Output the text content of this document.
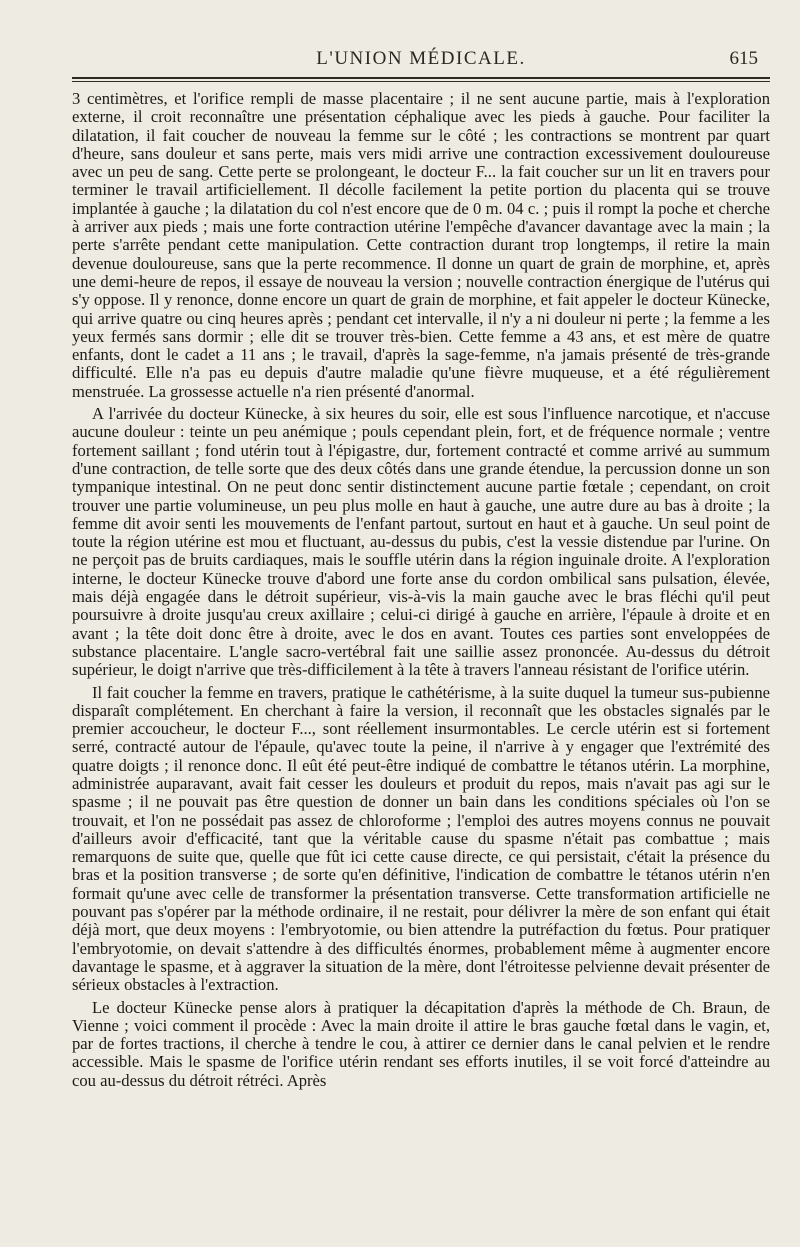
L'UNION MÉDICALE.	615

3 centimètres, et l'orifice rempli de masse placentaire ; il ne sent aucune partie, mais à l'exploration externe, il croit reconnaître une présentation céphalique avec les pieds à gauche. Pour faciliter la dilatation, il fait coucher de nouveau la femme sur le côté ; les contractions se montrent par quart d'heure, sans douleur et sans perte, mais vers midi arrive une contraction excessivement douloureuse avec un peu de sang. Cette perte se prolongeant, le docteur F... la fait coucher sur un lit en travers pour terminer le travail artificiellement. Il décolle facilement la petite portion du placenta qui se trouve implantée à gauche ; la dilatation du col n'est encore que de 0 m. 04 c. ; puis il rompt la poche et cherche à arriver aux pieds ; mais une forte contraction utérine l'empêche d'avancer davantage avec la main ; la perte s'arrête pendant cette manipulation. Cette contraction durant trop longtemps, il retire la main devenue douloureuse, sans que la perte recommence. Il donne un quart de grain de morphine, et, après une demi-heure de repos, il essaye de nouveau la version ; nouvelle contraction énergique de l'utérus qui s'y oppose. Il y renonce, donne encore un quart de grain de morphine, et fait appeler le docteur Künecke, qui arrive quatre ou cinq heures après ; pendant cet intervalle, il n'y a ni douleur ni perte ; la femme a les yeux fermés sans dormir ; elle dit se trouver très-bien. Cette femme a 43 ans, et est mère de quatre enfants, dont le cadet a 11 ans ; le travail, d'après la sage-femme, n'a jamais présenté de très-grande difficulté. Elle n'a pas eu depuis d'autre maladie qu'une fièvre muqueuse, et a été régulièrement menstruée. La grossesse actuelle n'a rien présenté d'anormal.

A l'arrivée du docteur Künecke, à six heures du soir, elle est sous l'influence narcotique, et n'accuse aucune douleur : teinte un peu anémique ; pouls cependant plein, fort, et de fréquence normale ; ventre fortement saillant ; fond utérin tout à l'épigastre, dur, fortement contracté et comme arrivé au summum d'une contraction, de telle sorte que des deux côtés dans une grande étendue, la percussion donne un son tympanique intestinal. On ne peut donc sentir distinctement aucune partie fœtale ; cependant, on croit trouver une partie volumineuse, un peu plus molle en haut à gauche, une autre dure au bas à droite ; la femme dit avoir senti les mouvements de l'enfant partout, surtout en haut et à gauche. Un seul point de toute la région utérine est mou et fluctuant, au-dessus du pubis, c'est la vessie distendue par l'urine. On ne perçoit pas de bruits cardiaques, mais le souffle utérin dans la région inguinale droite. A l'exploration interne, le docteur Künecke trouve d'abord une forte anse du cordon ombilical sans pulsation, élevée, mais déjà engagée dans le détroit supérieur, vis-à-vis la main gauche avec le bras fléchi qu'il peut poursuivre à droite jusqu'au creux axillaire ; celui-ci dirigé à gauche en arrière, l'épaule à droite et en avant ; la tête doit donc être à droite, avec le dos en avant. Toutes ces parties sont enveloppées de substance placentaire. L'angle sacro-vertébral fait une saillie assez prononcée. Au-dessus du détroit supérieur, le doigt n'arrive que très-difficilement à la tête à travers l'anneau résistant de l'orifice utérin.

Il fait coucher la femme en travers, pratique le cathétérisme, à la suite duquel la tumeur sus-pubienne disparaît complétement. En cherchant à faire la version, il reconnaît que les obstacles signalés par le premier accoucheur, le docteur F..., sont réellement insurmontables. Le cercle utérin est si fortement serré, contracté autour de l'épaule, qu'avec toute la peine, il n'arrive à y engager que l'extrémité des quatre doigts ; il renonce donc. Il eût été peut-être indiqué de combattre le tétanos utérin. La morphine, administrée auparavant, avait fait cesser les douleurs et produit du repos, mais n'avait pas agi sur le spasme ; il ne pouvait pas être question de donner un bain dans les conditions spéciales où l'on se trouvait, et l'on ne possédait pas assez de chloroforme ; l'emploi des autres moyens connus ne pouvait d'ailleurs avoir d'efficacité, tant que la véritable cause du spasme n'était pas combattue ; mais remarquons de suite que, quelle que fût ici cette cause directe, ce qui persistait, c'était la présence du bras et la position transverse ; de sorte qu'en définitive, l'indication de combattre le tétanos utérin n'en formait qu'une avec celle de transformer la présentation transverse. Cette transformation artificielle ne pouvant pas s'opérer par la méthode ordinaire, il ne restait, pour délivrer la mère de son enfant qui était déjà mort, que deux moyens : l'embryotomie, ou bien attendre la putréfaction du fœtus. Pour pratiquer l'embryotomie, on devait s'attendre à des difficultés énormes, probablement même à augmenter encore davantage le spasme, et à aggraver la situation de la mère, dont l'étroitesse pelvienne devait présenter de sérieux obstacles à l'extraction.

Le docteur Künecke pense alors à pratiquer la décapitation d'après la méthode de Ch. Braun, de Vienne ; voici comment il procède : Avec la main droite il attire le bras gauche fœtal dans le vagin, et, par de fortes tractions, il cherche à tendre le cou, à attirer ce dernier dans le canal pelvien et le rendre accessible. Mais le spasme de l'orifice utérin rendant ses efforts inutiles, il se voit forcé d'atteindre au cou au-dessus du détroit rétréci. Après
